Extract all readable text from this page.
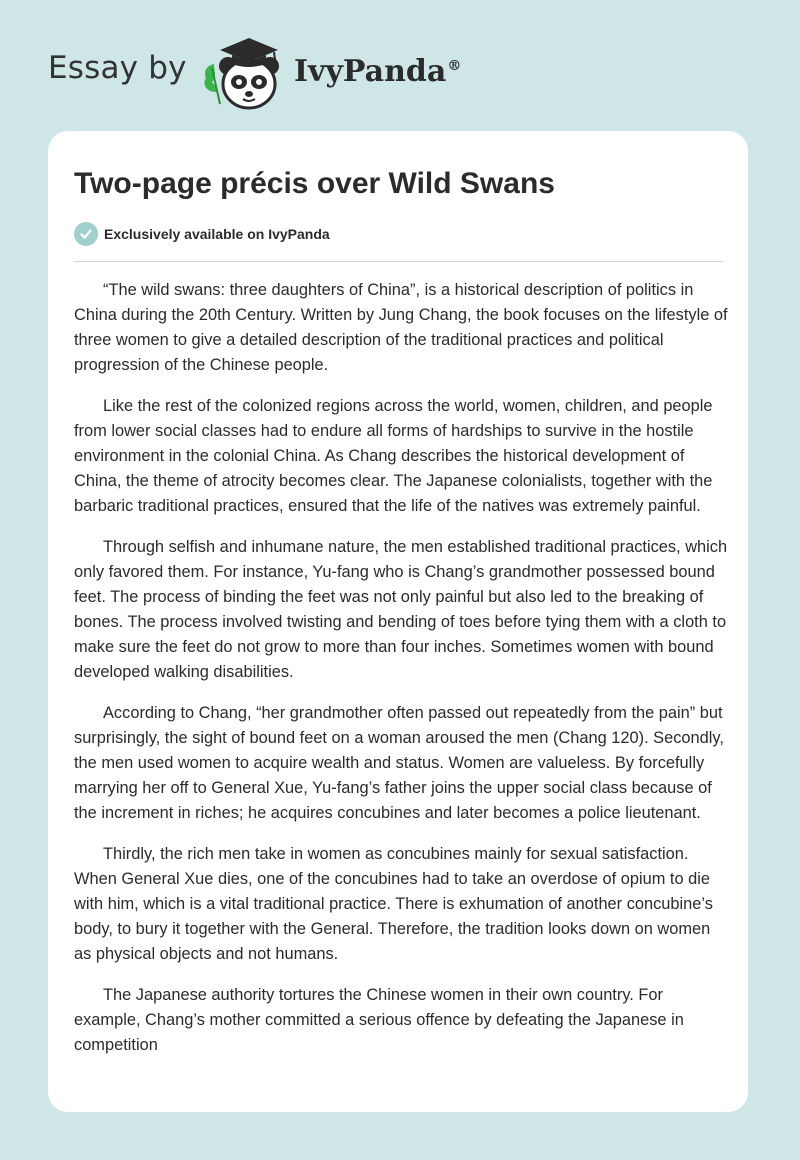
Essay by	IvyPanda®
Two-page précis over Wild Swans
Exclusively available on IvyPanda

“The wild swans: three daughters of China”, is a historical description of politics in China during the 20th Century. Written by Jung Chang, the book focuses on the lifestyle of three women to give a detailed description of the traditional practices and political progression of the Chinese people.

Like the rest of the colonized regions across the world, women, children, and people from lower social classes had to endure all forms of hardships to survive in the hostile environment in the colonial China. As Chang describes the historical development of China, the theme of atrocity becomes clear. The Japanese colonialists, together with the barbaric traditional practices, ensured that the life of the natives was extremely painful.

Through selfish and inhumane nature, the men established traditional practices, which only favored them. For instance, Yu-fang who is Chang’s grandmother possessed bound feet. The process of binding the feet was not only painful but also led to the breaking of bones. The process involved twisting and bending of toes before tying them with a cloth to make sure the feet do not grow to more than four inches. Sometimes women with bound developed walking disabilities.

According to Chang, “her grandmother often passed out repeatedly from the pain” but surprisingly, the sight of bound feet on a woman aroused the men (Chang 120). Secondly, the men used women to acquire wealth and status. Women are valueless. By forcefully marrying her off to General Xue, Yu-fang’s father joins the upper social class because of the increment in riches; he acquires concubines and later becomes a police lieutenant.

Thirdly, the rich men take in women as concubines mainly for sexual satisfaction. When General Xue dies, one of the concubines had to take an overdose of opium to die with him, which is a vital traditional practice. There is exhumation of another concubine’s body, to bury it together with the General. Therefore, the tradition looks down on women as physical objects and not humans.

The Japanese authority tortures the Chinese women in their own country. For example, Chang’s mother committed a serious offence by defeating the Japanese in competition
